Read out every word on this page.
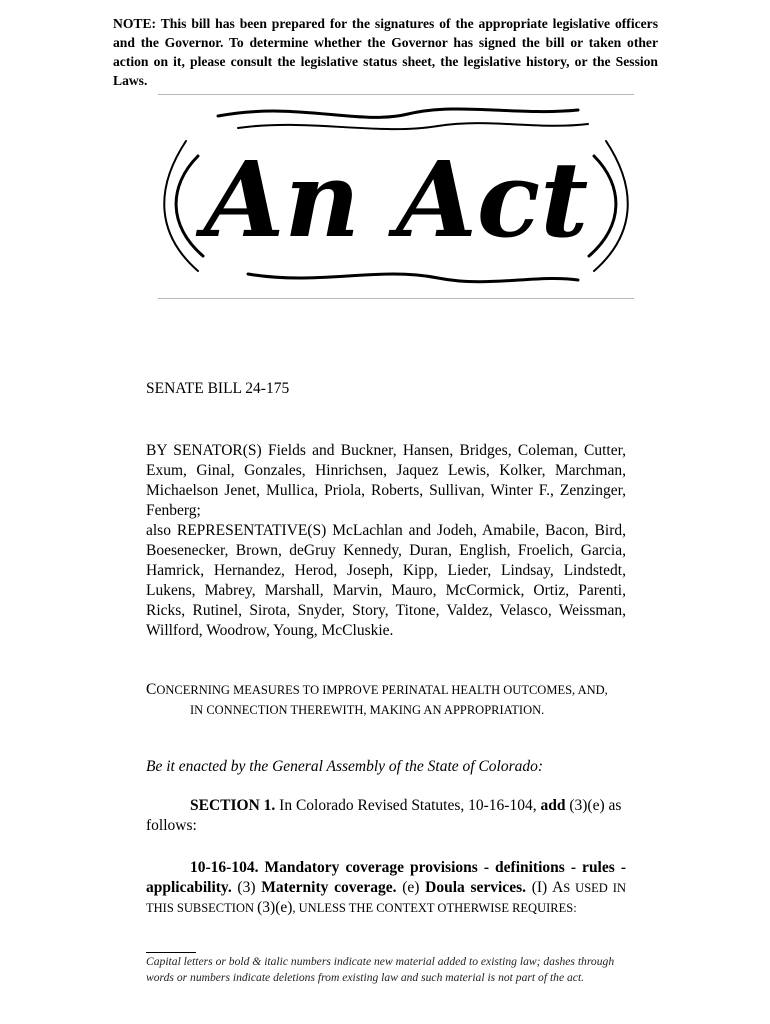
NOTE: This bill has been prepared for the signatures of the appropriate legislative officers and the Governor. To determine whether the Governor has signed the bill or taken other action on it, please consult the legislative status sheet, the legislative history, or the Session Laws.

An Act

SENATE BILL 24-175

BY SENATOR(S) Fields and Buckner, Hansen, Bridges, Coleman, Cutter, Exum, Ginal, Gonzales, Hinrichsen, Jaquez Lewis, Kolker, Marchman, Michaelson Jenet, Mullica, Priola, Roberts, Sullivan, Winter F., Zenzinger, Fenberg;

also REPRESENTATIVE(S) McLachlan and Jodeh, Amabile, Bacon, Bird, Boesenecker, Brown, deGruy Kennedy, Duran, English, Froelich, Garcia, Hamrick, Hernandez, Herod, Joseph, Kipp, Lieder, Lindsay, Lindstedt, Lukens, Mabrey, Marshall, Marvin, Mauro, McCormick, Ortiz, Parenti, Ricks, Rutinel, Sirota, Snyder, Story, Titone, Valdez, Velasco, Weissman, Willford, Woodrow, Young, McCluskie.

CONCERNING MEASURES TO IMPROVE PERINATAL HEALTH OUTCOMES, AND,
IN CONNECTION THEREWITH, MAKING AN APPROPRIATION.

Be it enacted by the General Assembly of the State of Colorado:

SECTION 1. In Colorado Revised Statutes, 10-16-104, add (3)(e) as follows:

10-16-104. Mandatory coverage provisions - definitions - rules - applicability. (3) Maternity coverage. (e) Doula services. (I) AS USED IN THIS SUBSECTION (3)(e), UNLESS THE CONTEXT OTHERWISE REQUIRES:

Capital letters or bold & italic numbers indicate new material added to existing law; dashes through words or numbers indicate deletions from existing law and such material is not part of the act.
